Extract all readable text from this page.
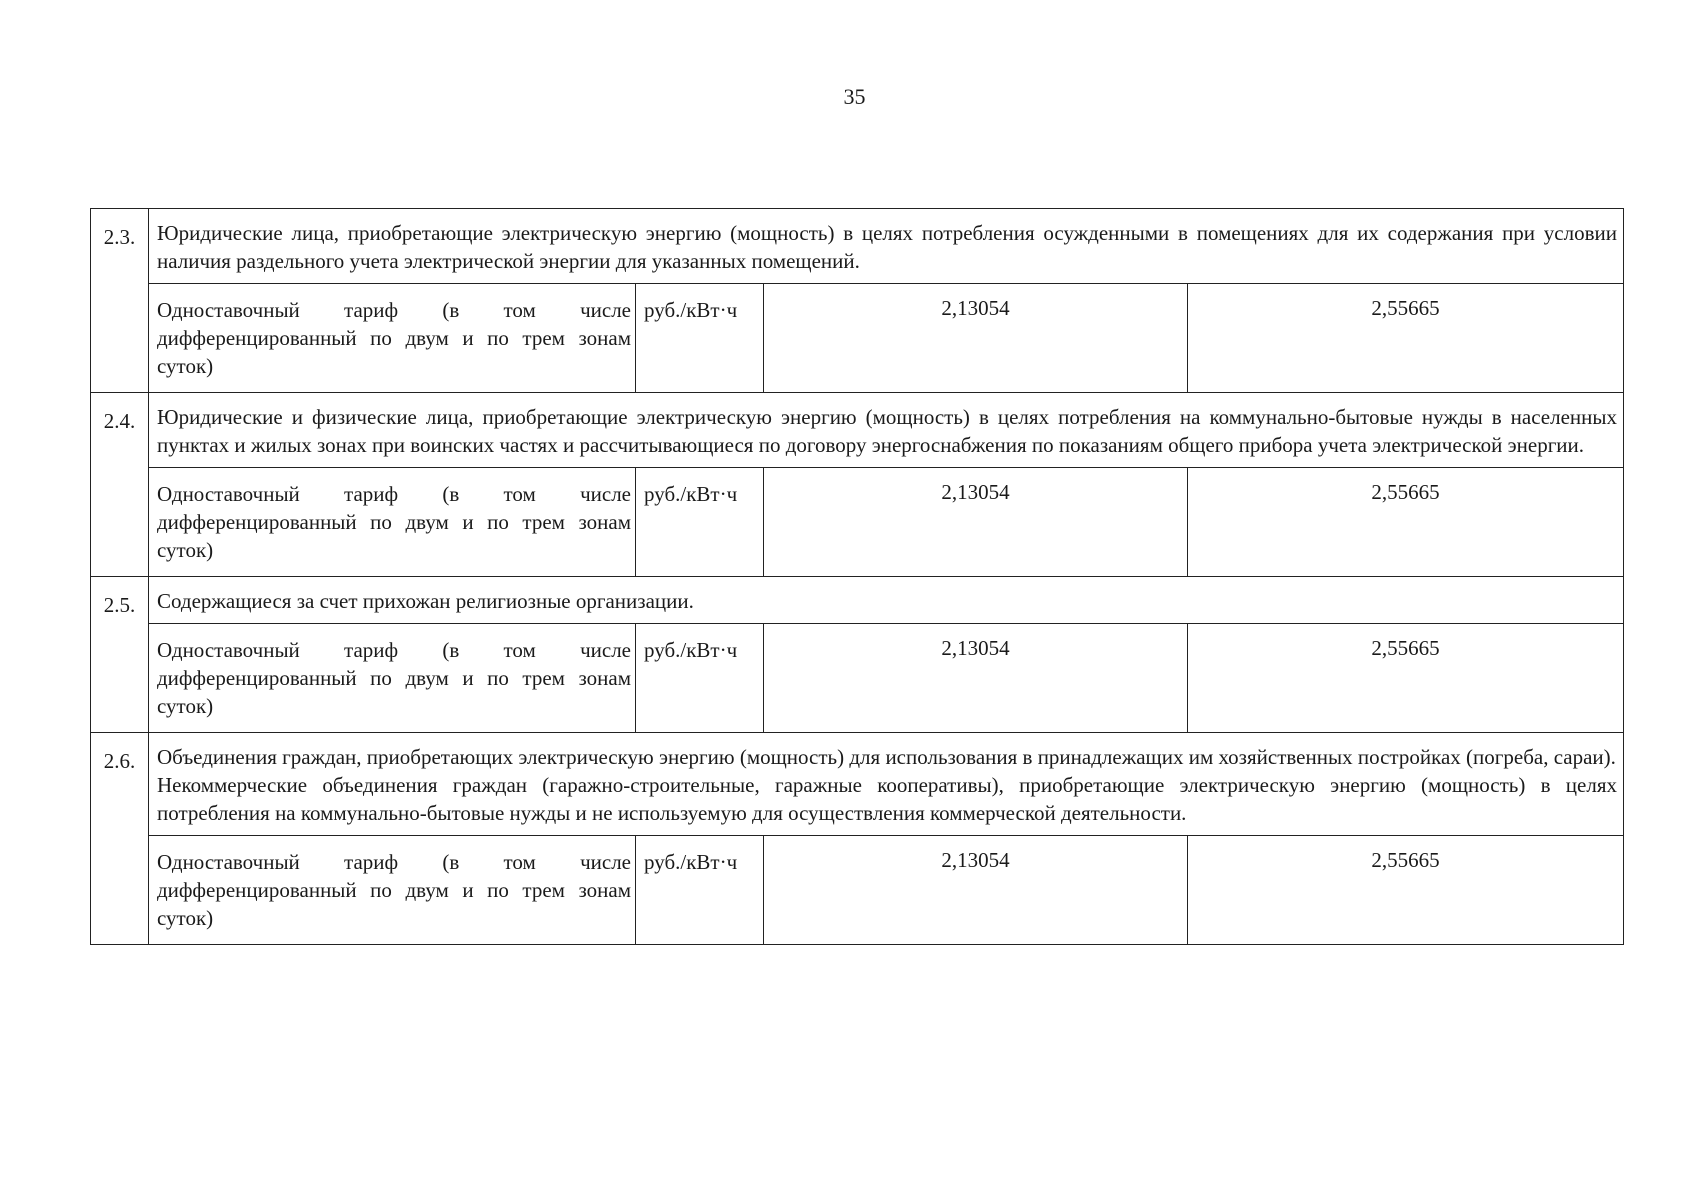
35
2.3.	Юридические лица, приобретающие электрическую энергию (мощность) в целях потребления осужденными в помещениях для их содержания при условии наличия раздельного учета электрической энергии для указанных помещений.			

	Одноставочный тариф (в том числе дифференцированный по двум и по трем зонам суток)	руб./кВт·ч	2,13054	2,55665
2.4.	Юридические и физические лица, приобретающие электрическую энергию (мощность) в целях потребления на коммунально-бытовые нужды в населенных пунктах и жилых зонах при воинских частях и рассчитывающиеся по договору энергоснабжения по показаниям общего прибора учета электрической энергии.			

	Одноставочный тариф (в том числе дифференцированный по двум и по трем зонам суток)	руб./кВт·ч	2,13054	2,55665
2.5.	Содержащиеся за счет прихожан религиозные организации.			

	Одноставочный тариф (в том числе дифференцированный по двум и по трем зонам суток)	руб./кВт·ч	2,13054	2,55665
2.6.	Объединения граждан, приобретающих электрическую энергию (мощность) для использования в принадлежащих им хозяйственных постройках (погреба, сараи).
Некоммерческие объединения граждан (гаражно-строительные, гаражные кооперативы), приобретающие электрическую энергию (мощность) в целях потребления на коммунально-бытовые нужды и не используемую для осуществления коммерческой деятельности.			

	Одноставочный тариф (в том числе дифференцированный по двум и по трем зонам суток)	руб./кВт·ч	2,13054	2,55665
